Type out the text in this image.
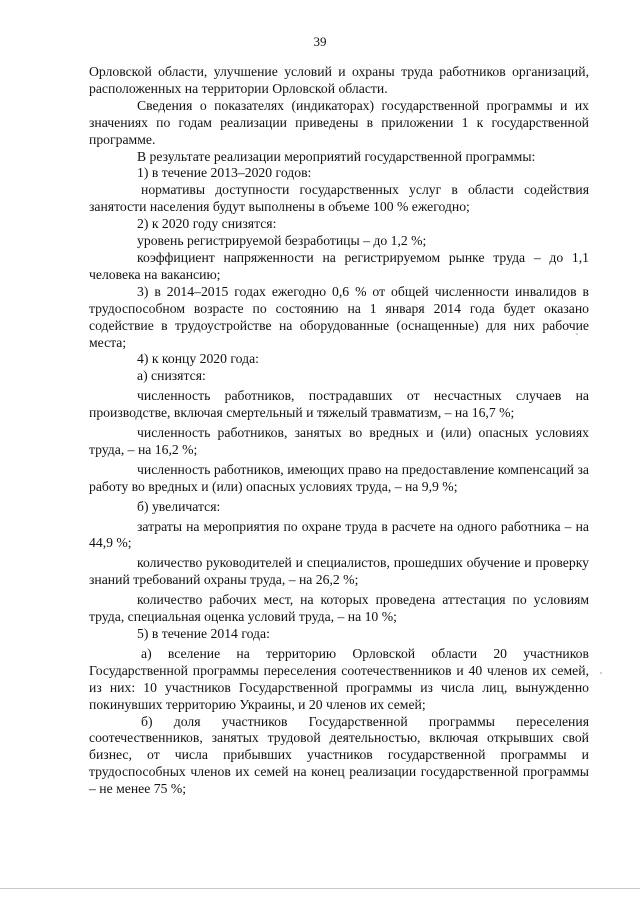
39

Орловской области, улучшение условий и охраны труда работников организаций, расположенных на территории Орловской области.

Сведения о показателях (индикаторах) государственной программы и их значениях по годам реализации приведены в приложении 1 к государственной программе.

В результате реализации мероприятий государственной программы:

1) в течение 2013–2020 годов:

нормативы доступности государственных услуг в области содействия занятости населения будут выполнены в объеме 100 % ежегодно;

2) к 2020 году снизятся:

уровень регистрируемой безработицы – до 1,2 %;

коэффициент напряженности на регистрируемом рынке труда – до 1,1 человека на вакансию;

3) в 2014–2015 годах ежегодно 0,6 % от общей численности инвалидов в трудоспособном возрасте по состоянию на 1 января 2014 года будет оказано содействие в трудоустройстве на оборудованные (оснащенные) для них рабочие места;

4) к концу 2020 года:

а) снизятся:

численность работников, пострадавших от несчастных случаев на производстве, включая смертельный и тяжелый травматизм, – на 16,7 %;

численность работников, занятых во вредных и (или) опасных условиях труда, – на 16,2 %;

численность работников, имеющих право на предоставление компенсаций за работу во вредных и (или) опасных условиях труда, – на 9,9 %;

б) увеличатся:

затраты на мероприятия по охране труда в расчете на одного работника – на 44,9 %;

количество руководителей и специалистов, прошедших обучение и проверку знаний требований охраны труда, – на 26,2 %;

количество рабочих мест, на которых проведена аттестация по условиям труда, специальная оценка условий труда, – на 10 %;

5) в течение 2014 года:

а) вселение на территорию Орловской области 20 участников Государственной программы переселения соотечественников и 40 членов их семей, из них: 10 участников Государственной программы из числа лиц, вынужденно покинувших территорию Украины, и 20 членов их семей;

б) доля участников Государственной программы переселения соотечественников, занятых трудовой деятельностью, включая открывших свой бизнес, от числа прибывших участников государственной программы и трудоспособных членов их семей на конец реализации государственной программы – не менее 75 %;
